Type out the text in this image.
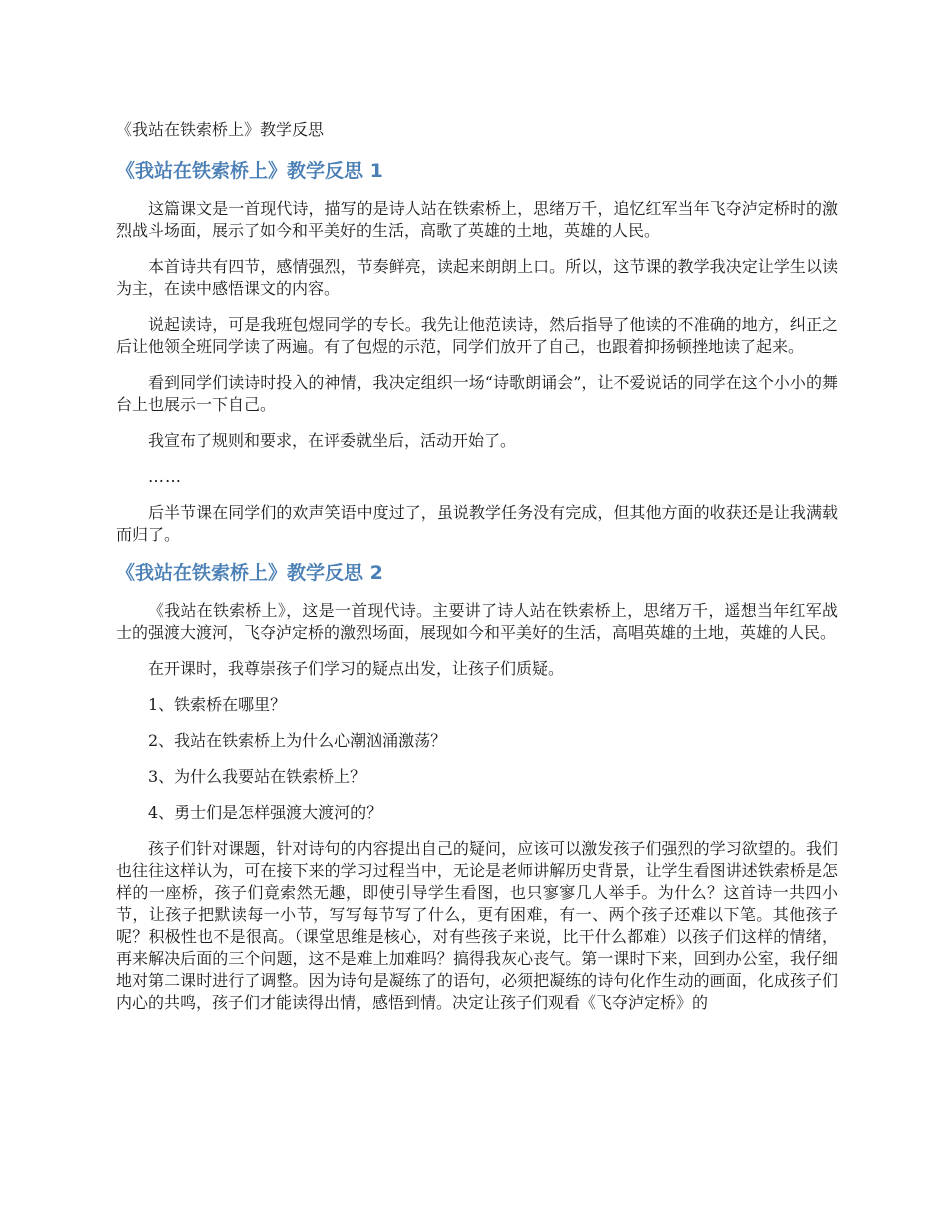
《我站在铁索桥上》教学反思
《我站在铁索桥上》教学反思 1

这篇课文是一首现代诗，描写的是诗人站在铁索桥上，思绪万千，追忆红军当年飞夺泸定桥时的激烈战斗场面，展示了如今和平美好的生活，高歌了英雄的土地，英雄的人民。

本首诗共有四节，感情强烈，节奏鲜亮，读起来朗朗上口。所以，这节课的教学我决定让学生以读为主，在读中感悟课文的内容。

说起读诗，可是我班包煜同学的专长。我先让他范读诗，然后指导了他读的不准确的地方，纠正之后让他领全班同学读了两遍。有了包煜的示范，同学们放开了自己，也跟着抑扬顿挫地读了起来。

看到同学们读诗时投入的神情，我决定组织一场“诗歌朗诵会”，让不爱说话的同学在这个小小的舞台上也展示一下自己。

我宣布了规则和要求，在评委就坐后，活动开始了。

……

后半节课在同学们的欢声笑语中度过了，虽说教学任务没有完成，但其他方面的收获还是让我满载而归了。

《我站在铁索桥上》教学反思 2

《我站在铁索桥上》，这是一首现代诗。主要讲了诗人站在铁索桥上，思绪万千，遥想当年红军战士的强渡大渡河，飞夺泸定桥的激烈场面，展现如今和平美好的生活，高唱英雄的土地，英雄的人民。

在开课时，我尊崇孩子们学习的疑点出发，让孩子们质疑。

1、铁索桥在哪里？

2、我站在铁索桥上为什么心潮汹涌激荡？

3、为什么我要站在铁索桥上？

4、勇士们是怎样强渡大渡河的？

孩子们针对课题，针对诗句的内容提出自己的疑问，应该可以激发孩子们强烈的学习欲望的。我们也往往这样认为，可在接下来的学习过程当中，无论是老师讲解历史背景，让学生看图讲述铁索桥是怎样的一座桥，孩子们竟索然无趣，即使引导学生看图，也只寥寥几人举手。为什么？这首诗一共四小节，让孩子把默读每一小节，写写每节写了什么，更有困难，有一、两个孩子还难以下笔。其他孩子呢？积极性也不是很高。（课堂思维是核心，对有些孩子来说，比干什么都难）以孩子们这样的情绪，再来解决后面的三个问题，这不是难上加难吗？搞得我灰心丧气。第一课时下来，回到办公室，我仔细地对第二课时进行了调整。因为诗句是凝练了的语句，必须把凝练的诗句化作生动的画面，化成孩子们内心的共鸣，孩子们才能读得出情，感悟到情。决定让孩子们观看《飞夺泸定桥》的
